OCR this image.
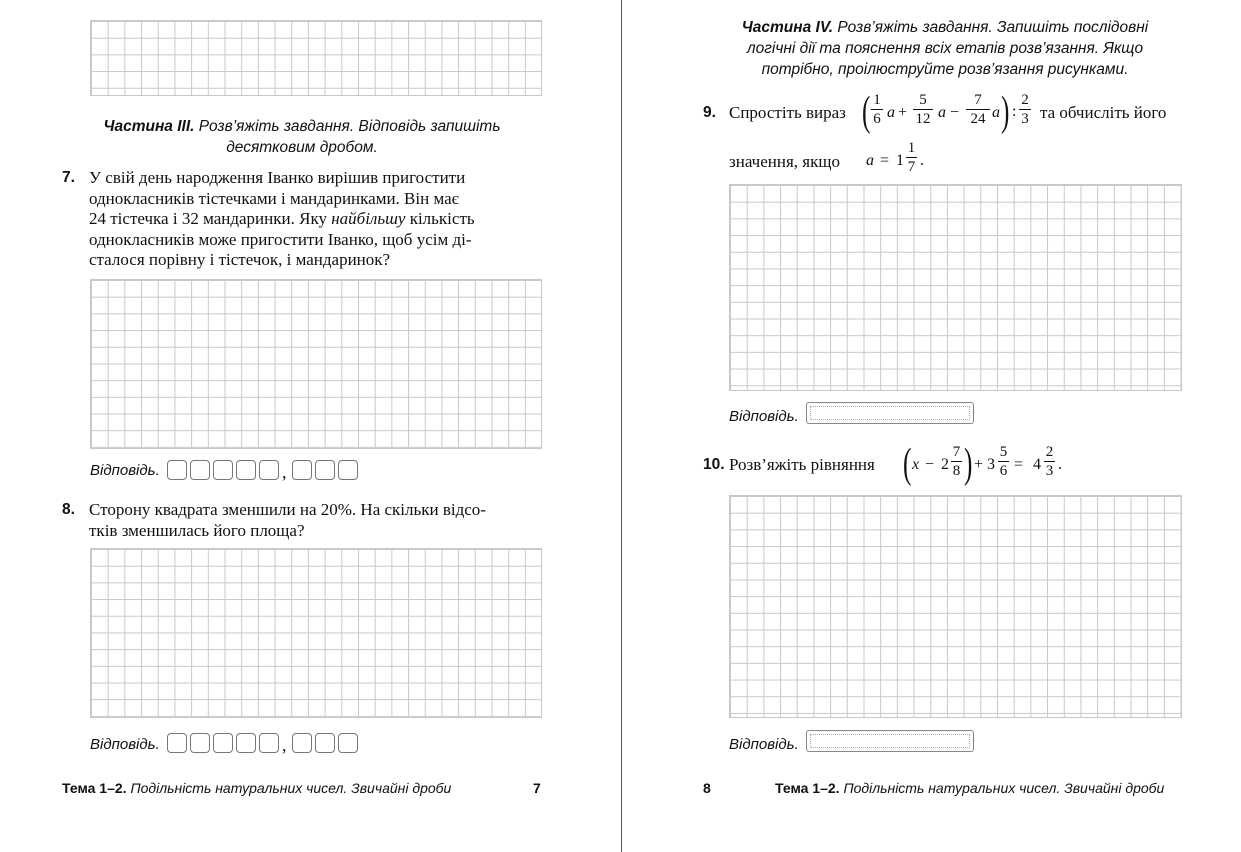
Частина III. Розв’яжіть завдання. Відповідь запишіть
десятковим дробом.
7. У свій день народження Іванко вирішив пригостити
однокласників тістечками і мандаринками. Він має
24 тістечка і 32 мандаринки. Яку найбільшу кількість
однокласників може пригостити Іванко, щоб усім ді-
сталося порівну і тістечок, і мандаринок?
Відповідь.	,
8. Сторону квадрата зменшили на 20%. На скільки відсо-
тків зменшилась його площа?
Відповідь.	,
Тема 1–2. Подільність натуральних чисел. Звичайні дроби	7
Частина IV. Розв’яжіть завдання. Запишіть послідовні
логічні дії та пояснення всіх етапів розв’язання. Якщо
потрібно, проілюструйте розв’язання рисунками.
9. Спростіть вираз ( 1
6 a +
5
12 a −
7
24 a ) :
2
3 та обчисліть його
значення, якщо a = 1
1
7 .
Відповідь.
10. Розв’яжіть рівняння ( x − 2
7
8 ) + 3
5
6 = 4
2
3 .
Відповідь.
8	Тема 1–2. Подільність натуральних чисел. Звичайні дроби
